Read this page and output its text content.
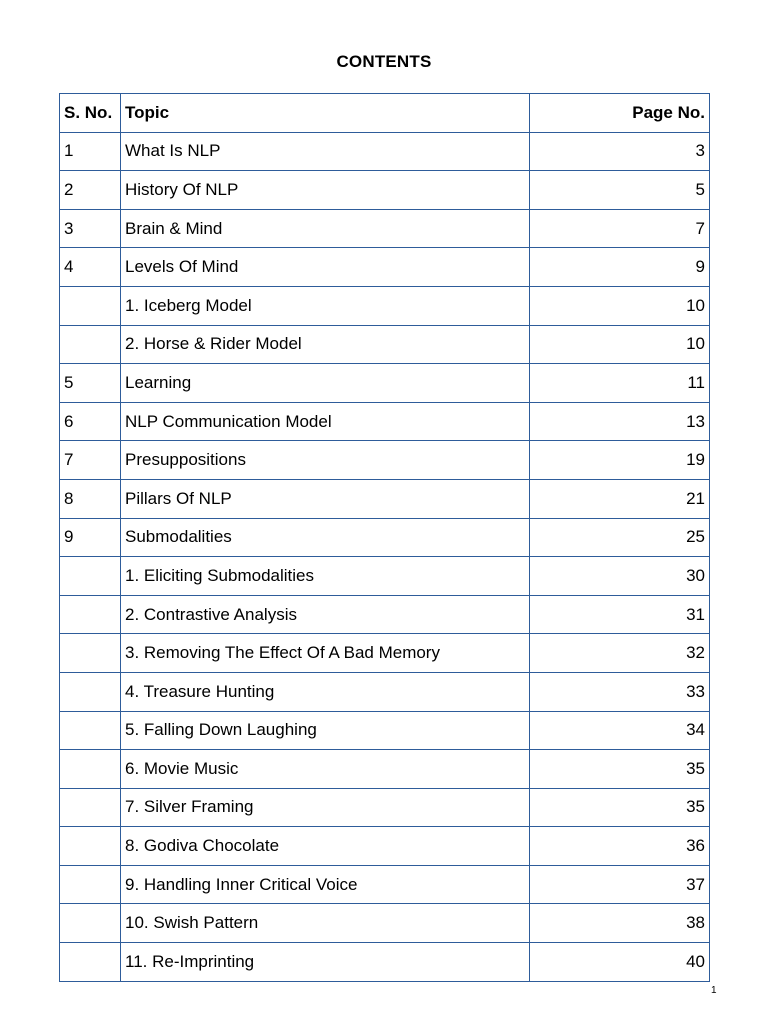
CONTENTS
S. No.	Topic	Page No.
1	What Is NLP	3
2	History Of NLP	5
3	Brain & Mind	7
4	Levels Of Mind	9
	1. Iceberg Model	10
	2. Horse & Rider Model	10
5	Learning	11
6	NLP Communication Model	13
7	Presuppositions	19
8	Pillars Of NLP	21
9	Submodalities	25
	1. Eliciting Submodalities	30
	2. Contrastive Analysis	31
	3. Removing The Effect Of A Bad Memory	32
	4. Treasure Hunting	33
	5. Falling Down Laughing	34
	6. Movie Music	35
	7. Silver Framing	35
	8. Godiva Chocolate	36
	9. Handling Inner Critical Voice	37
	10. Swish Pattern	38
	11. Re-Imprinting	40
1
